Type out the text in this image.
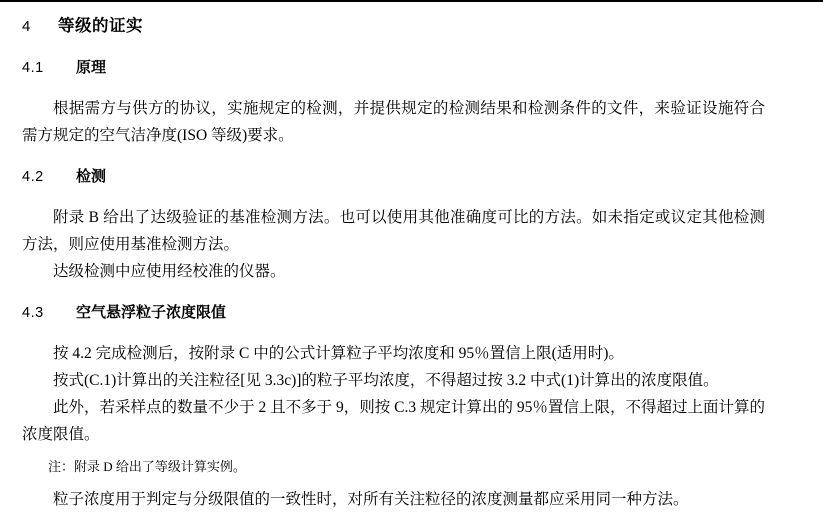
4 等级的证实
4.1 原理

根据需方与供方的协议，实施规定的检测，并提供规定的检测结果和检测条件的文件，来验证设施符合需方规定的空气洁净度(ISO 等级)要求。

4.2 检测

附录 B 给出了达级验证的基准检测方法。也可以使用其他准确度可比的方法。如未指定或议定其他检测方法，则应使用基准检测方法。

达级检测中应使用经校准的仪器。

4.3 空气悬浮粒子浓度限值

按 4.2 完成检测后，按附录 C 中的公式计算粒子平均浓度和 95％置信上限(适用时)。

按式(C.1)计算出的关注粒径[见 3.3c)]的粒子平均浓度，不得超过按 3.2 中式(1)计算出的浓度限值。

此外，若采样点的数量不少于 2 且不多于 9，则按 C.3 规定计算出的 95％置信上限，不得超过上面计算的浓度限值。

注：附录 D 给出了等级计算实例。

粒子浓度用于判定与分级限值的一致性时，对所有关注粒径的浓度测量都应采用同一种方法。
